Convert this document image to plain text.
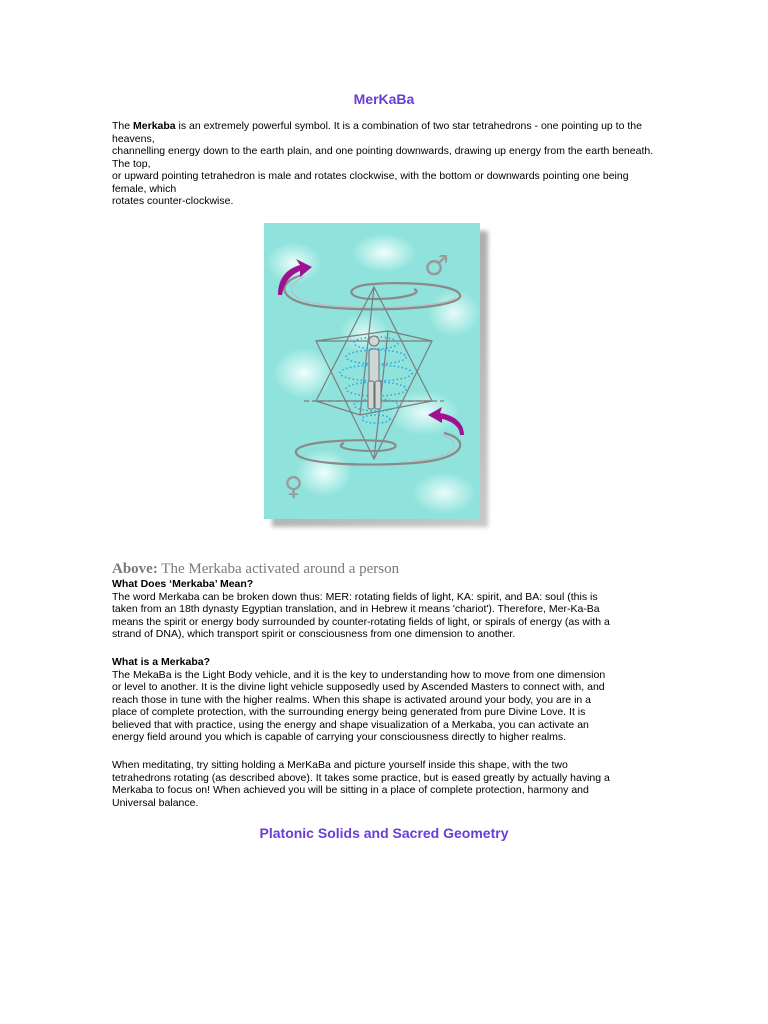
MerKaBa

The Merkaba is an extremely powerful symbol. It is a combination of two star tetrahedrons - one pointing up to the heavens,

channelling energy down to the earth plain, and one pointing downwards, drawing up energy from the earth beneath. The top,

or upward pointing tetrahedron is male and rotates clockwise, with the bottom or downwards pointing one being female, which

rotates counter-clockwise.

♂
♀
Above: The Merkaba activated around a person
What Does ‘Merkaba’ Mean?

The word Merkaba can be broken down thus: MER: rotating fields of light, KA: spirit, and BA: soul (this is

taken from an 18th dynasty Egyptian translation, and in Hebrew it means 'chariot'). Therefore, Mer-Ka-Ba

means the spirit or energy body surrounded by counter-rotating fields of light, or spirals of energy (as with a

strand of DNA), which transport spirit or consciousness from one dimension to another.

What is a Merkaba?

The MekaBa is the Light Body vehicle, and it is the key to understanding how to move from one dimension

or level to another. It is the divine light vehicle supposedly used by Ascended Masters to connect with, and

reach those in tune with the higher realms. When this shape is activated around your body, you are in a

place of complete protection, with the surrounding energy being generated from pure Divine Love. It is

believed that with practice, using the energy and shape visualization of a Merkaba, you can activate an

energy field around you which is capable of carrying your consciousness directly to higher realms.

When meditating, try sitting holding a MerKaBa and picture yourself inside this shape, with the two

tetrahedrons rotating (as described above). It takes some practice, but is eased greatly by actually having a

Merkaba to focus on! When achieved you will be sitting in a place of complete protection, harmony and

Universal balance.

Platonic Solids and Sacred Geometry
